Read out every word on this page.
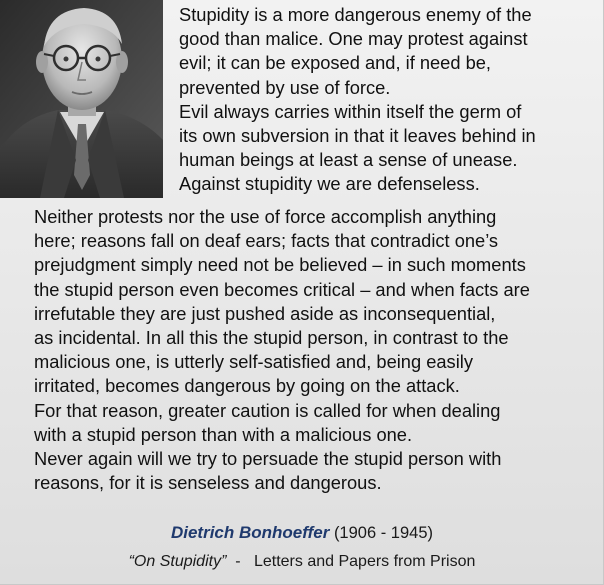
Stupidity is a more dangerous enemy of the
good than malice. One may protest against
evil; it can be exposed and, if need be,
prevented by use of force.
Evil always carries within itself the germ of
its own subversion in that it leaves behind in
human beings at least a sense of unease.
Against stupidity we are defenseless.

Neither protests nor the use of force accomplish anything
here; reasons fall on deaf ears; facts that contradict one’s
prejudgment simply need not be believed – in such moments
the stupid person even becomes critical – and when facts are
irrefutable they are just pushed aside as inconsequential,
as incidental. In all this the stupid person, in contrast to the
malicious one, is utterly self-satisfied and, being easily
irritated, becomes dangerous by going on the attack.
For that reason, greater caution is called for when dealing
with a stupid person than with a malicious one.
Never again will we try to persuade the stupid person with
reasons, for it is senseless and dangerous.

Dietrich Bonhoeffer (1906 - 1945)
“On Stupidity” - Letters and Papers from Prison
